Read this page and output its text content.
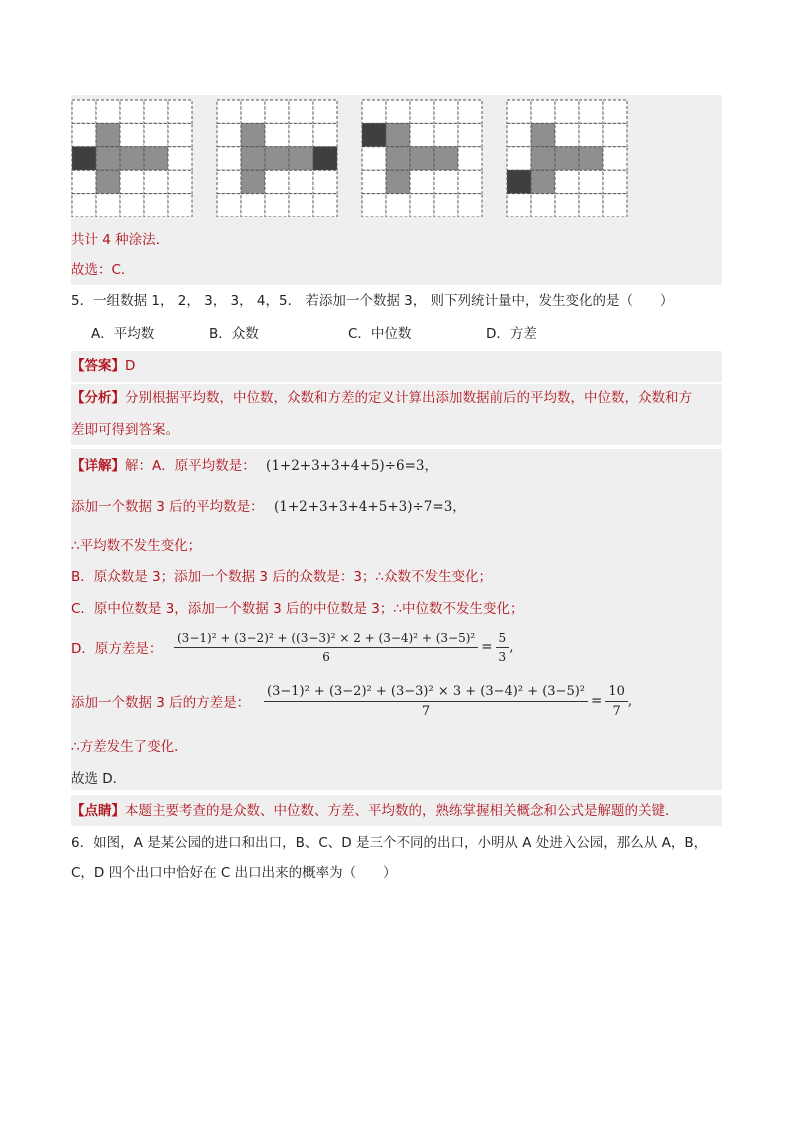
共计 4 种涂法．
故选：C．
5．一组数据 1， 2， 3， 3， 4，5． 若添加一个数据 3， 则下列统计量中，发生变化的是（　　）
A．平均数	B．众数	C．中位数	D．方差
【答案】D
【分析】分别根据平均数，中位数，众数和方差的定义计算出添加数据前后的平均数，中位数，众数和方
差即可得到答案。
【详解】解：A．原平均数是： (1+2+3+3+4+5)÷6=3，
添加一个数据 3 后的平均数是： (1+2+3+3+4+5+3)÷7=3，
∴平均数不发生变化；
B．原众数是 3；添加一个数据 3 后的众数是：3；∴众数不发生变化；
C．原中位数是 3，添加一个数据 3 后的中位数是 3；∴中位数不发生变化；
D．原方差是： $\frac{\text{(3−1)² + (3−2)² + ((3−3)² × 2 + (3−4)² + (3−5)²}}{6} = \frac{5}{3}$ ,
添加一个数据 3 后的方差是：	$\frac{\text{(3−1)² + (3−2)² + (3−3)² × 3 + (3−4)² + (3−5)²}}{7} = \frac{10}{7}$ ,
∴方差发生了变化．
故选 D．
【点睛】本题主要考查的是众数、中位数、方差、平均数的，熟练掌握相关概念和公式是解题的关键．
6．如图，A 是某公园的进口和出口，B、C、D 是三个不同的出口，小明从 A 处进入公园，那么从 A，B，
C，D 四个出口中恰好在 C 出口出来的概率为（　　）
